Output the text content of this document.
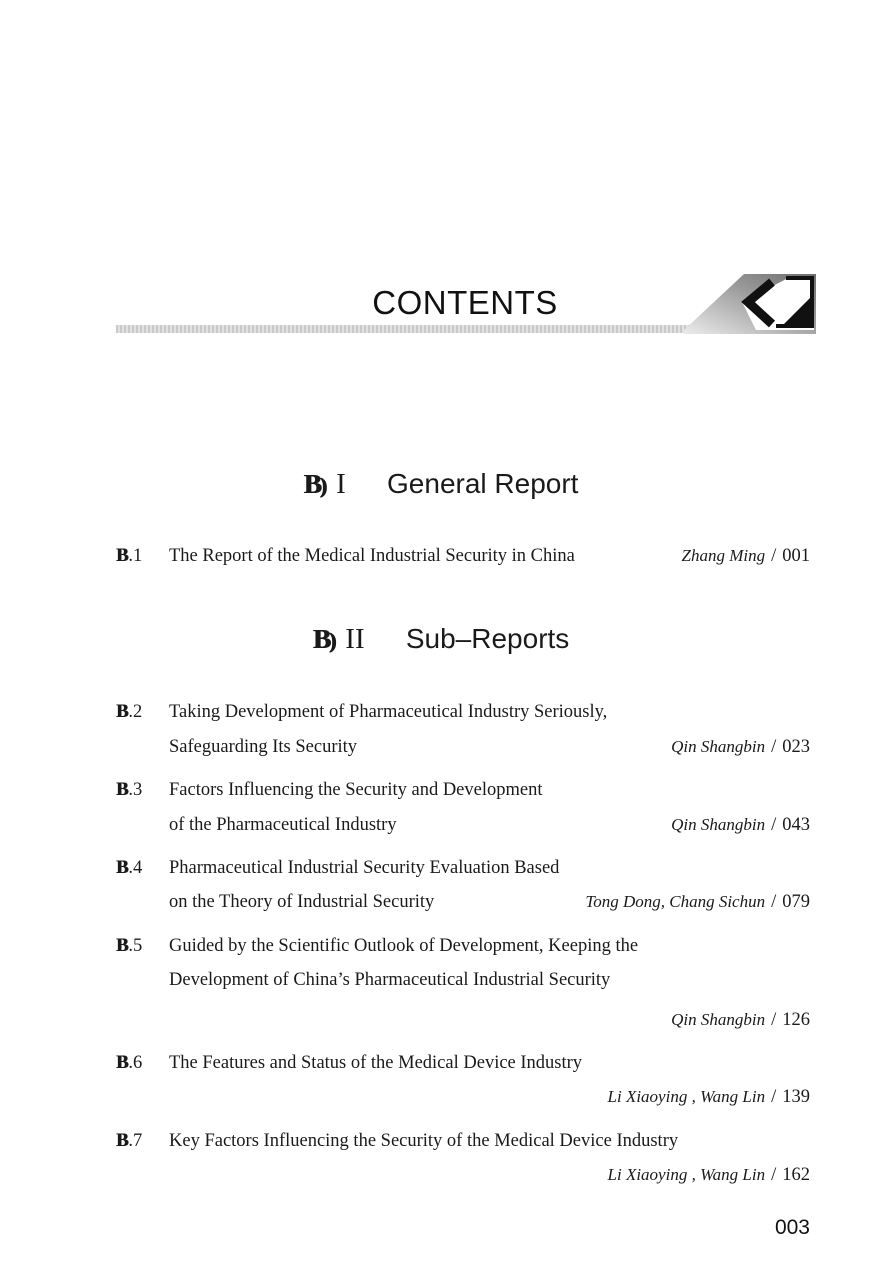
CONTENTS
B) I General Report
B.1 The Report of the Medical Industrial Security in China	Zhang Ming / 001
B) II Sub–Reports
B.2 Taking Development of Pharmaceutical Industry Seriously,
Safeguarding Its Security	Qin Shangbin / 023
B.3 Factors Influencing the Security and Development
of the Pharmaceutical Industry	Qin Shangbin / 043
B.4 Pharmaceutical Industrial Security Evaluation Based
on the Theory of Industrial Security	Tong Dong, Chang Sichun / 079
B.5 Guided by the Scientific Outlook of Development, Keeping the
Development of China’s Pharmaceutical Industrial Security
Qin Shangbin / 126
B.6 The Features and Status of the Medical Device Industry
Li Xiaoying , Wang Lin / 139
B.7 Key Factors Influencing the Security of the Medical Device Industry
Li Xiaoying , Wang Lin / 162
003
